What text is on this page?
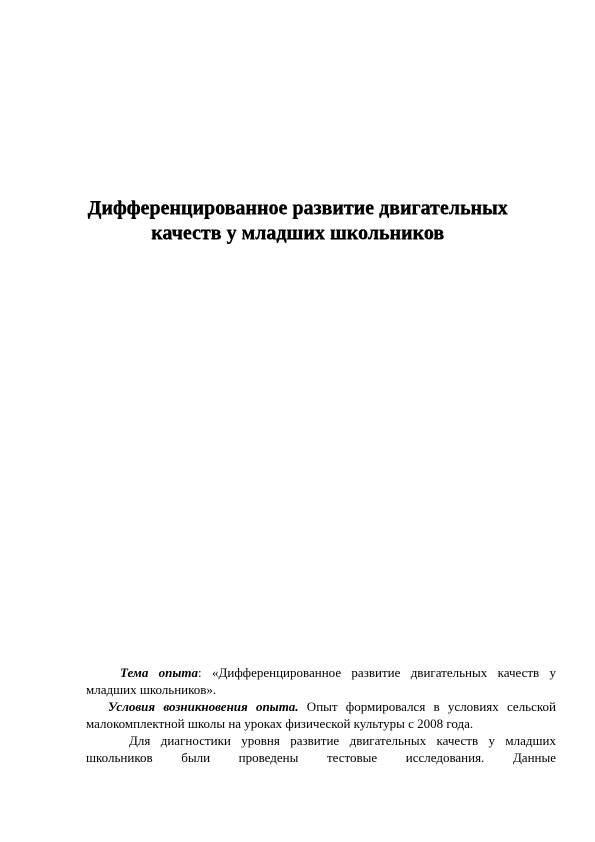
Дифференцированное развитие двигательных
качеств у младших школьников

Тема опыта: «Дифференцированное развитие двигательных качеств у младших школьников».

Условия возникновения опыта. Опыт формировался в условиях сельской малокомплектной школы на уроках физической культуры с 2008 года.

Для диагностики уровня развитие двигательных качеств у младших школьников были проведены тестовые исследования. Данные
